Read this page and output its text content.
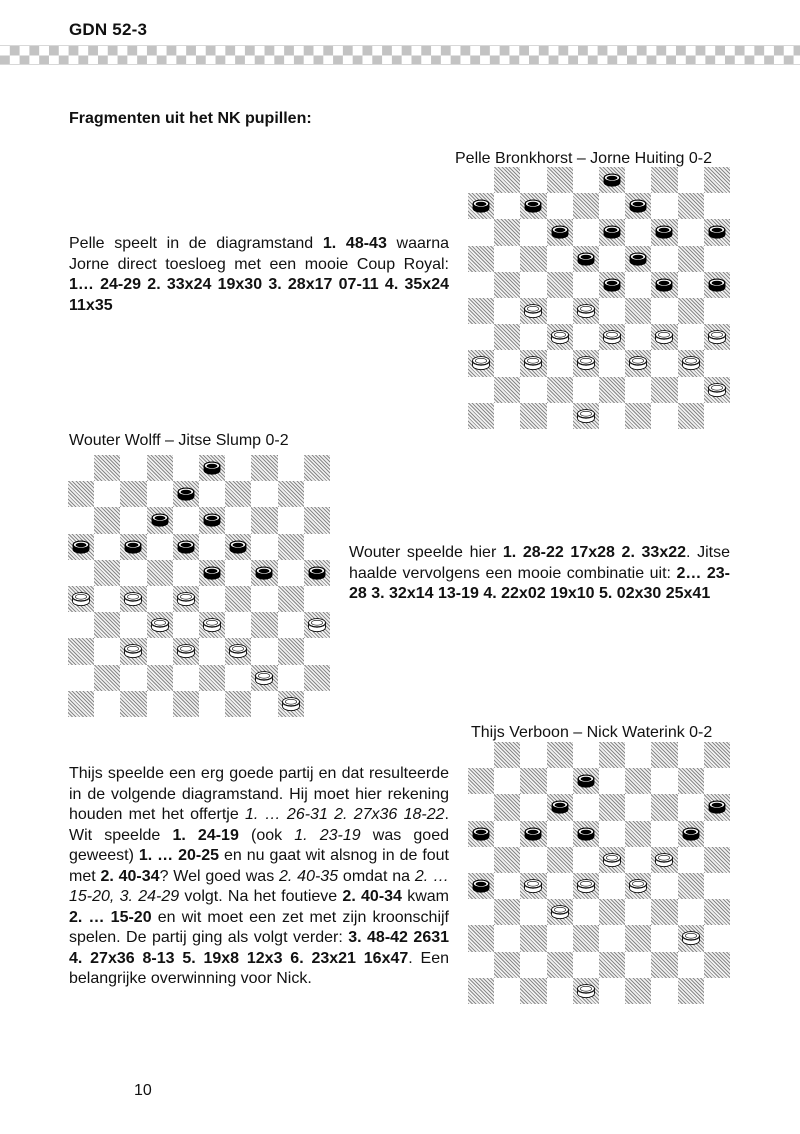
GDN 52-3
Fragmenten uit het NK pupillen:
Pelle Bronkhorst – Jorne Huiting 0-2
Pelle speelt in de diagramstand 1. 48-43 waarna Jorne direct toesloeg met een mooie Coup Royal: 1… 24-29 2. 33x24 19x30 3. 28x17 07-11 4. 35x24 11x35
Wouter Wolff – Jitse Slump 0-2
Wouter speelde hier 1. 28-22 17x28 2. 33x22. Jitse haalde vervolgens een mooie combinatie uit: 2… 23-28 3. 32x14 13-19 4. 22x02 19x10 5. 02x30 25x41
Thijs Verboon – Nick Waterink 0-2
Thijs speelde een erg goede partij en dat resulteerde in de volgende diagramstand. Hij moet hier rekening houden met het offertje 1. … 26-31 2. 27x36 18-22. Wit speelde 1. 24-19 (ook 1. 23-19 was goed geweest) 1. … 20-25 en nu gaat wit alsnog in de fout met 2. 40-34? Wel goed was 2. 40-35 omdat na 2. … 15-20, 3. 24-29 volgt. Na het foutieve 2. 40-34 kwam 2. … 15-20 en wit moet een zet met zijn kroonschijf spelen. De partij ging als volgt verder: 3. 48-42 2631 4. 27x36 8-13 5. 19x8 12x3 6. 23x21 16x47. Een belangrijke overwinning voor Nick.
10
